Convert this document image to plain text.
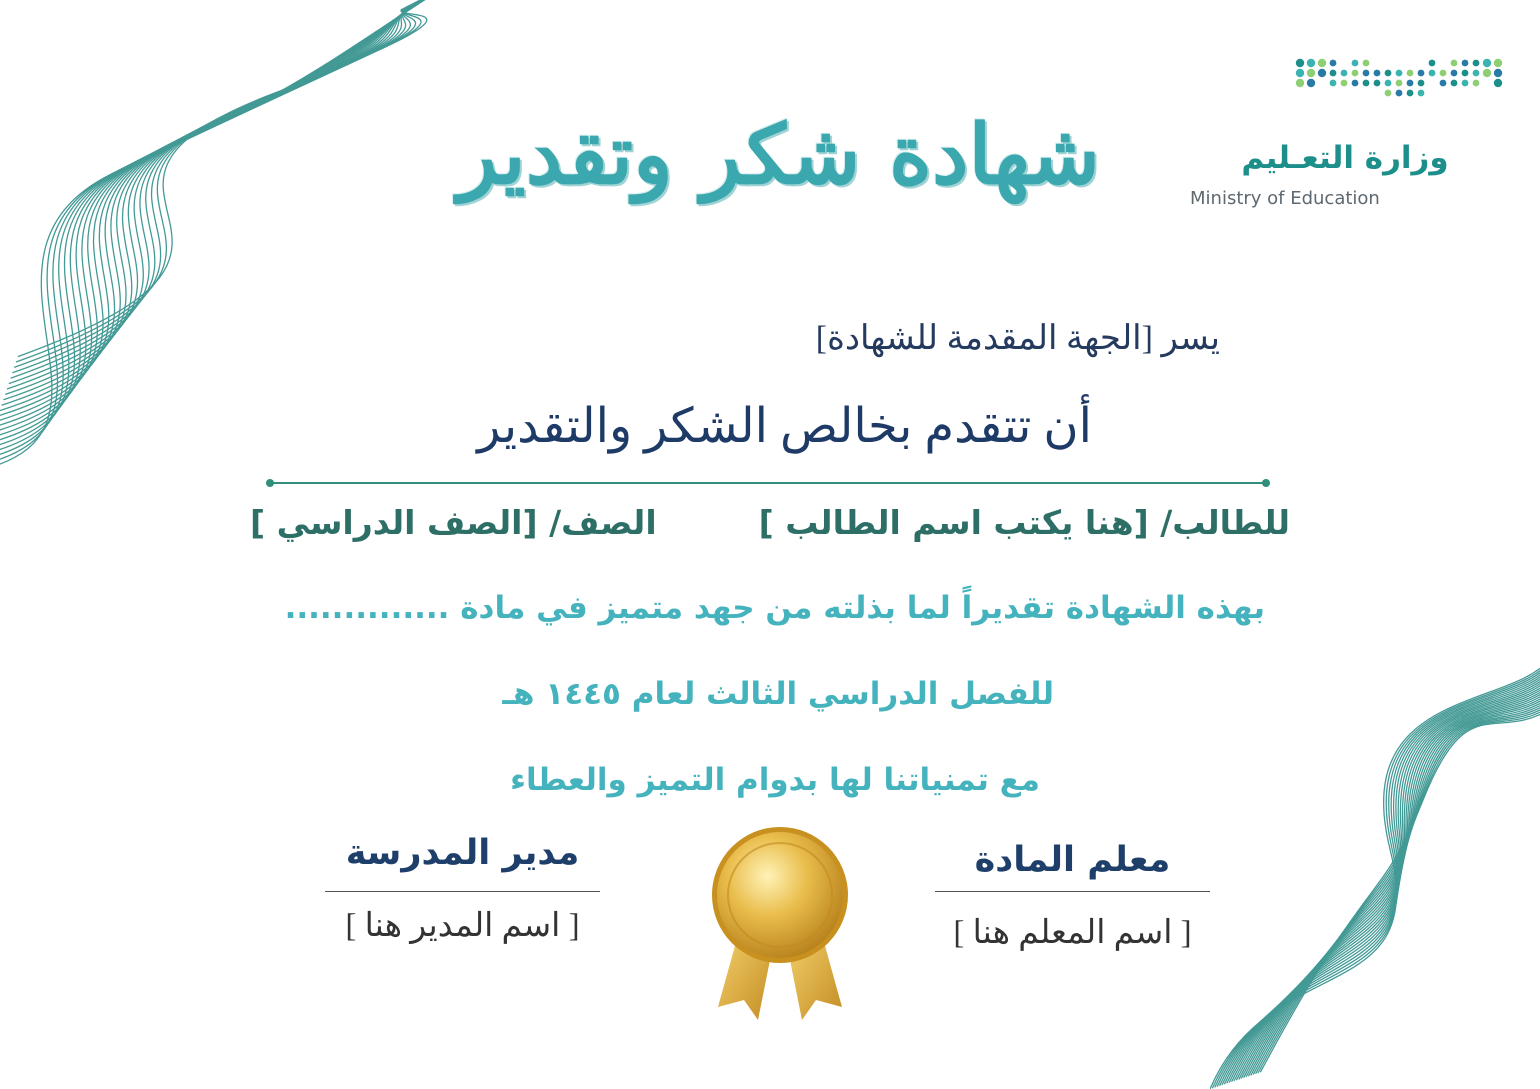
وزارة التعـليم
Ministry of Education
شهادة شكر وتقدير
يسر [الجهة المقدمة للشهادة]
أن تتقدم بخالص الشكر والتقدير
للطالب/ [هنا يكتب اسم الطالب ]
الصف/ [الصف الدراسي ]
بهذه الشهادة تقديراً لما بذلته من جهد متميز في مادة ..............
للفصل الدراسي الثالث لعام ١٤٤٥ هـ
مع تمنياتنا لها بدوام التميز والعطاء
معلم المادة
[ اسم المعلم هنا ]
مدير المدرسة
[ اسم المدير هنا ]
